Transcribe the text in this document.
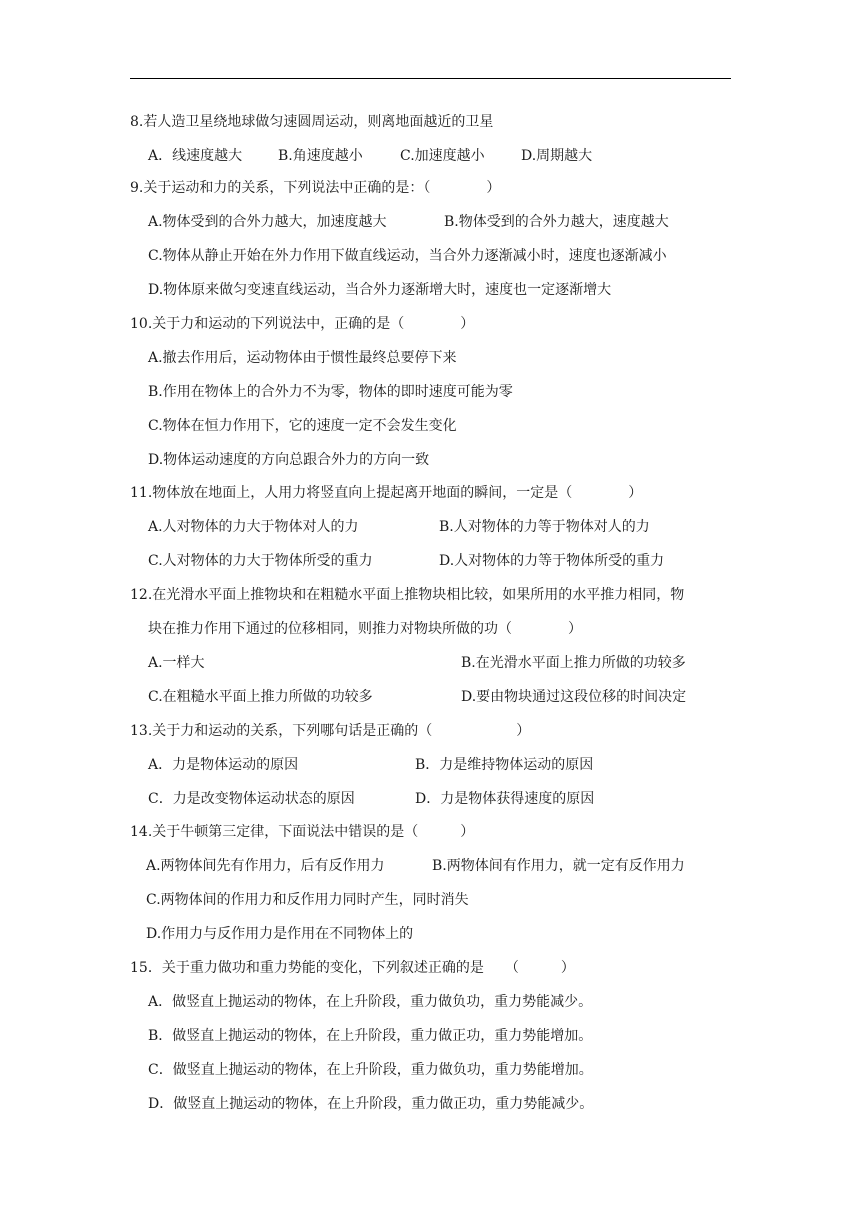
8.若人造卫星绕地球做匀速圆周运动，则离地面越近的卫星
A．线速度越大	B.角速度越小	C.加速度越小	D.周期越大
9.关于运动和力的关系，下列说法中正确的是：（　　　　）
A.物体受到的合外力越大，加速度越大	B.物体受到的合外力越大，速度越大
C.物体从静止开始在外力作用下做直线运动，当合外力逐渐减小时，速度也逐渐减小
D.物体原来做匀变速直线运动，当合外力逐渐增大时，速度也一定逐渐增大
10.关于力和运动的下列说法中，正确的是（　　　　）
A.撤去作用后，运动物体由于惯性最终总要停下来
B.作用在物体上的合外力不为零，物体的即时速度可能为零
C.物体在恒力作用下，它的速度一定不会发生变化
D.物体运动速度的方向总跟合外力的方向一致
11.物体放在地面上，人用力将竖直向上提起离开地面的瞬间，一定是（　　　　）
A.人对物体的力大于物体对人的力	B.人对物体的力等于物体对人的力
C.人对物体的力大于物体所受的重力	D.人对物体的力等于物体所受的重力
12.在光滑水平面上推物块和在粗糙水平面上推物块相比较，如果所用的水平推力相同，物
块在推力作用下通过的位移相同，则推力对物块所做的功（　　　　）
A.一样大	B.在光滑水平面上推力所做的功较多
C.在粗糙水平面上推力所做的功较多	D.要由物块通过这段位移的时间决定
13.关于力和运动的关系，下列哪句话是正确的（　　　　　　）
A．力是物体运动的原因	B．力是维持物体运动的原因
C．力是改变物体运动状态的原因	D．力是物体获得速度的原因
14.关于牛顿第三定律，下面说法中错误的是（　　　）
A.两物体间先有作用力，后有反作用力	B.两物体间有作用力，就一定有反作用力
C.两物体间的作用力和反作用力同时产生，同时消失
D.作用力与反作用力是作用在不同物体上的
15．关于重力做功和重力势能的变化，下列叙述正确的是　　（　　　）
A．做竖直上抛运动的物体，在上升阶段，重力做负功，重力势能减少。
B．做竖直上抛运动的物体，在上升阶段，重力做正功，重力势能增加。
C．做竖直上抛运动的物体，在上升阶段，重力做负功，重力势能增加。
D．做竖直上抛运动的物体，在上升阶段，重力做正功，重力势能减少。
